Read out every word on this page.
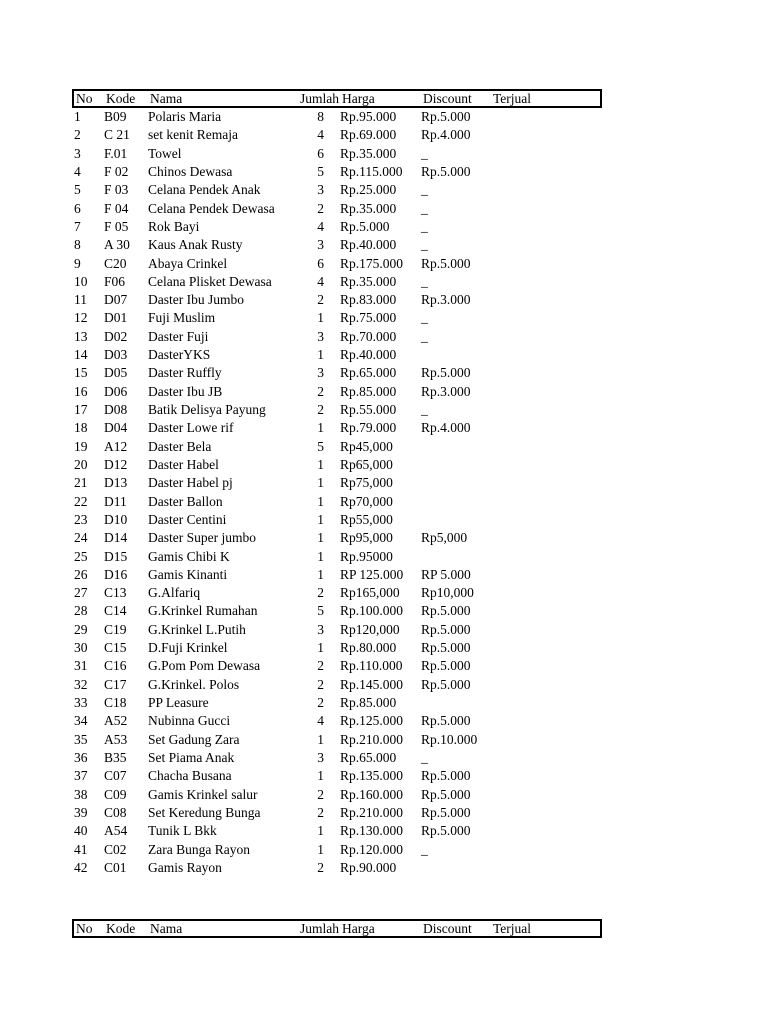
No Kode Nama	Jumlah Harga	Discount Terjual
1 B09 Polaris Maria	8 Rp.95.000 Rp.5.000
2 C 21 set kenit Remaja	4 Rp.69.000 Rp.4.000
3 F.01 Towel	6 Rp.35.000 _
4 F 02 Chinos Dewasa	5 Rp.115.000 Rp.5.000
5 F 03 Celana Pendek Anak	3 Rp.25.000 _
6 F 04 Celana Pendek Dewasa	2 Rp.35.000 _
7 F 05 Rok Bayi	4 Rp.5.000 _
8 A 30 Kaus Anak Rusty	3 Rp.40.000 _
9 C20 Abaya Crinkel	6 Rp.175.000 Rp.5.000
10 F06 Celana Plisket Dewasa	4 Rp.35.000 _
11 D07 Daster Ibu Jumbo	2 Rp.83.000 Rp.3.000
12 D01 Fuji Muslim	1 Rp.75.000 _
13 D02 Daster Fuji	3 Rp.70.000 _
14 D03 DasterYKS	1 Rp.40.000
15 D05 Daster Ruffly	3 Rp.65.000 Rp.5.000
16 D06 Daster Ibu JB	2 Rp.85.000 Rp.3.000
17 D08 Batik Delisya Payung	2 Rp.55.000 _
18 D04 Daster Lowe rif	1 Rp.79.000 Rp.4.000
19 A12 Daster Bela	5 Rp45,000
20 D12 Daster Habel	1 Rp65,000
21 D13 Daster Habel pj	1 Rp75,000
22 D11 Daster Ballon	1 Rp70,000
23 D10 Daster Centini	1 Rp55,000
24 D14 Daster Super jumbo	1 Rp95,000 Rp5,000
25 D15 Gamis Chibi K	1 Rp.95000
26 D16 Gamis Kinanti	1 RP 125.000 RP 5.000
27 C13 G.Alfariq	2 Rp165,000 Rp10,000
28 C14 G.Krinkel Rumahan	5 Rp.100.000 Rp.5.000
29 C19 G.Krinkel L.Putih	3 Rp120,000 Rp.5.000
30 C15 D.Fuji Krinkel	1 Rp.80.000 Rp.5.000
31 C16 G.Pom Pom Dewasa	2 Rp.110.000 Rp.5.000
32 C17 G.Krinkel. Polos	2 Rp.145.000 Rp.5.000
33 C18 PP Leasure	2 Rp.85.000
34 A52 Nubinna Gucci	4 Rp.125.000 Rp.5.000
35 A53 Set Gadung Zara	1 Rp.210.000 Rp.10.000
36 B35 Set Piama Anak	3 Rp.65.000 _
37 C07 Chacha Busana	1 Rp.135.000 Rp.5.000
38 C09 Gamis Krinkel salur	2 Rp.160.000 Rp.5.000
39 C08 Set Keredung Bunga	2 Rp.210.000 Rp.5.000
40 A54 Tunik L Bkk	1 Rp.130.000 Rp.5.000
41 C02 Zara Bunga Rayon	1 Rp.120.000 _
42 C01 Gamis Rayon	2 Rp.90.000
No Kode Nama	Jumlah Harga	Discount Terjual
